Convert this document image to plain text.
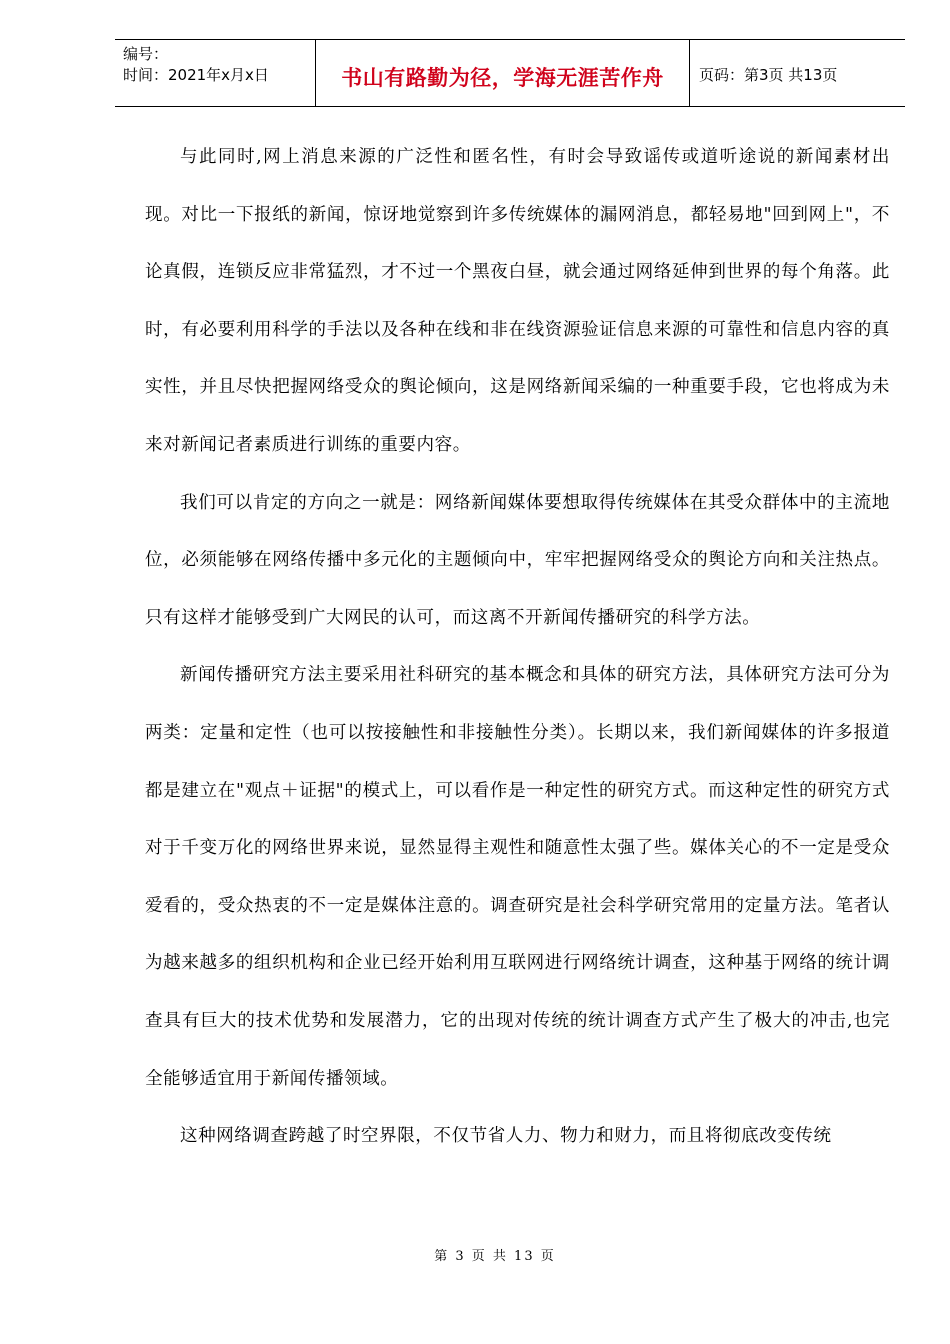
编号：
时间：2021年x月x日	书山有路勤为径，学海无涯苦作舟	页码：第3页 共13页

与此同时,网上消息来源的广泛性和匿名性，有时会导致谣传或道听途说的新闻素材出现。对比一下报纸的新闻，惊讶地觉察到许多传统媒体的漏网消息，都轻易地"回到网上"，不论真假，连锁反应非常猛烈，才不过一个黑夜白昼，就会通过网络延伸到世界的每个角落。此时，有必要利用科学的手法以及各种在线和非在线资源验证信息来源的可靠性和信息内容的真实性，并且尽快把握网络受众的舆论倾向，这是网络新闻采编的一种重要手段，它也将成为未来对新闻记者素质进行训练的重要内容。

我们可以肯定的方向之一就是：网络新闻媒体要想取得传统媒体在其受众群体中的主流地位，必须能够在网络传播中多元化的主题倾向中，牢牢把握网络受众的舆论方向和关注热点。只有这样才能够受到广大网民的认可，而这离不开新闻传播研究的科学方法。

新闻传播研究方法主要采用社科研究的基本概念和具体的研究方法，具体研究方法可分为两类：定量和定性（也可以按接触性和非接触性分类）。长期以来，我们新闻媒体的许多报道都是建立在"观点＋证据"的模式上，可以看作是一种定性的研究方式。而这种定性的研究方式对于千变万化的网络世界来说，显然显得主观性和随意性太强了些。媒体关心的不一定是受众爱看的，受众热衷的不一定是媒体注意的。调查研究是社会科学研究常用的定量方法。笔者认为越来越多的组织机构和企业已经开始利用互联网进行网络统计调查，这种基于网络的统计调查具有巨大的技术优势和发展潜力，它的出现对传统的统计调查方式产生了极大的冲击,也完全能够适宜用于新闻传播领域。

这种网络调查跨越了时空界限，不仅节省人力、物力和财力，而且将彻底改变传统

第 3 页 共 13 页
